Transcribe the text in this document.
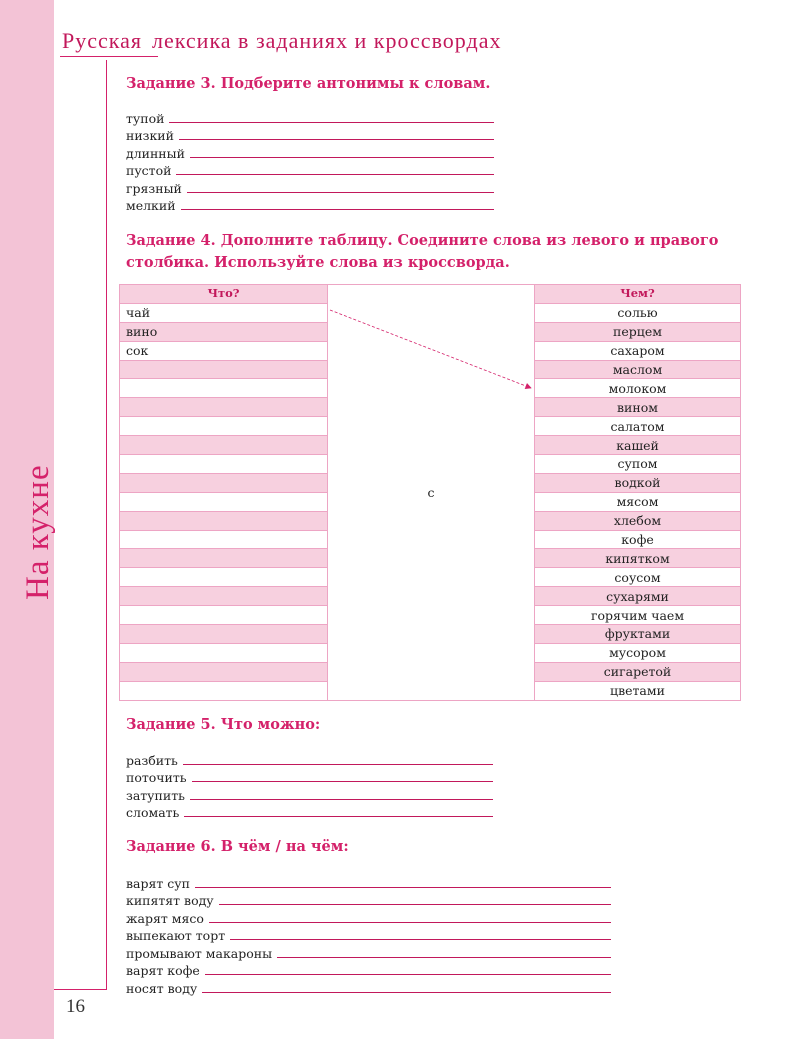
Русская лексика в заданиях и кроссвордах
На кухне
16
Задание 3. Подберите антонимы к словам.
тупой
низкий
длинный
пустой
грязный
мелкий
Задание 4. Дополните таблицу. Соедините слова из левого и правого
столбика. Используйте слова из кроссворда.
Что?	с	Чем?
чай		солью
вино		перцем
сок		сахаром
		маслом
		молоком
		вином
		салатом
		кашей
		супом
		водкой
		мясом
		хлебом
		кофе
		кипятком
		соусом
		сухарями
		горячим чаем
		фруктами
		мусором
		сигаретой
		цветами
Задание 5. Что можно:
разбить
поточить
затупить
сломать
Задание 6. В чём / на чём:
варят суп
кипятят воду
жарят мясо
выпекают торт
промывают макароны
варят кофе
носят воду
